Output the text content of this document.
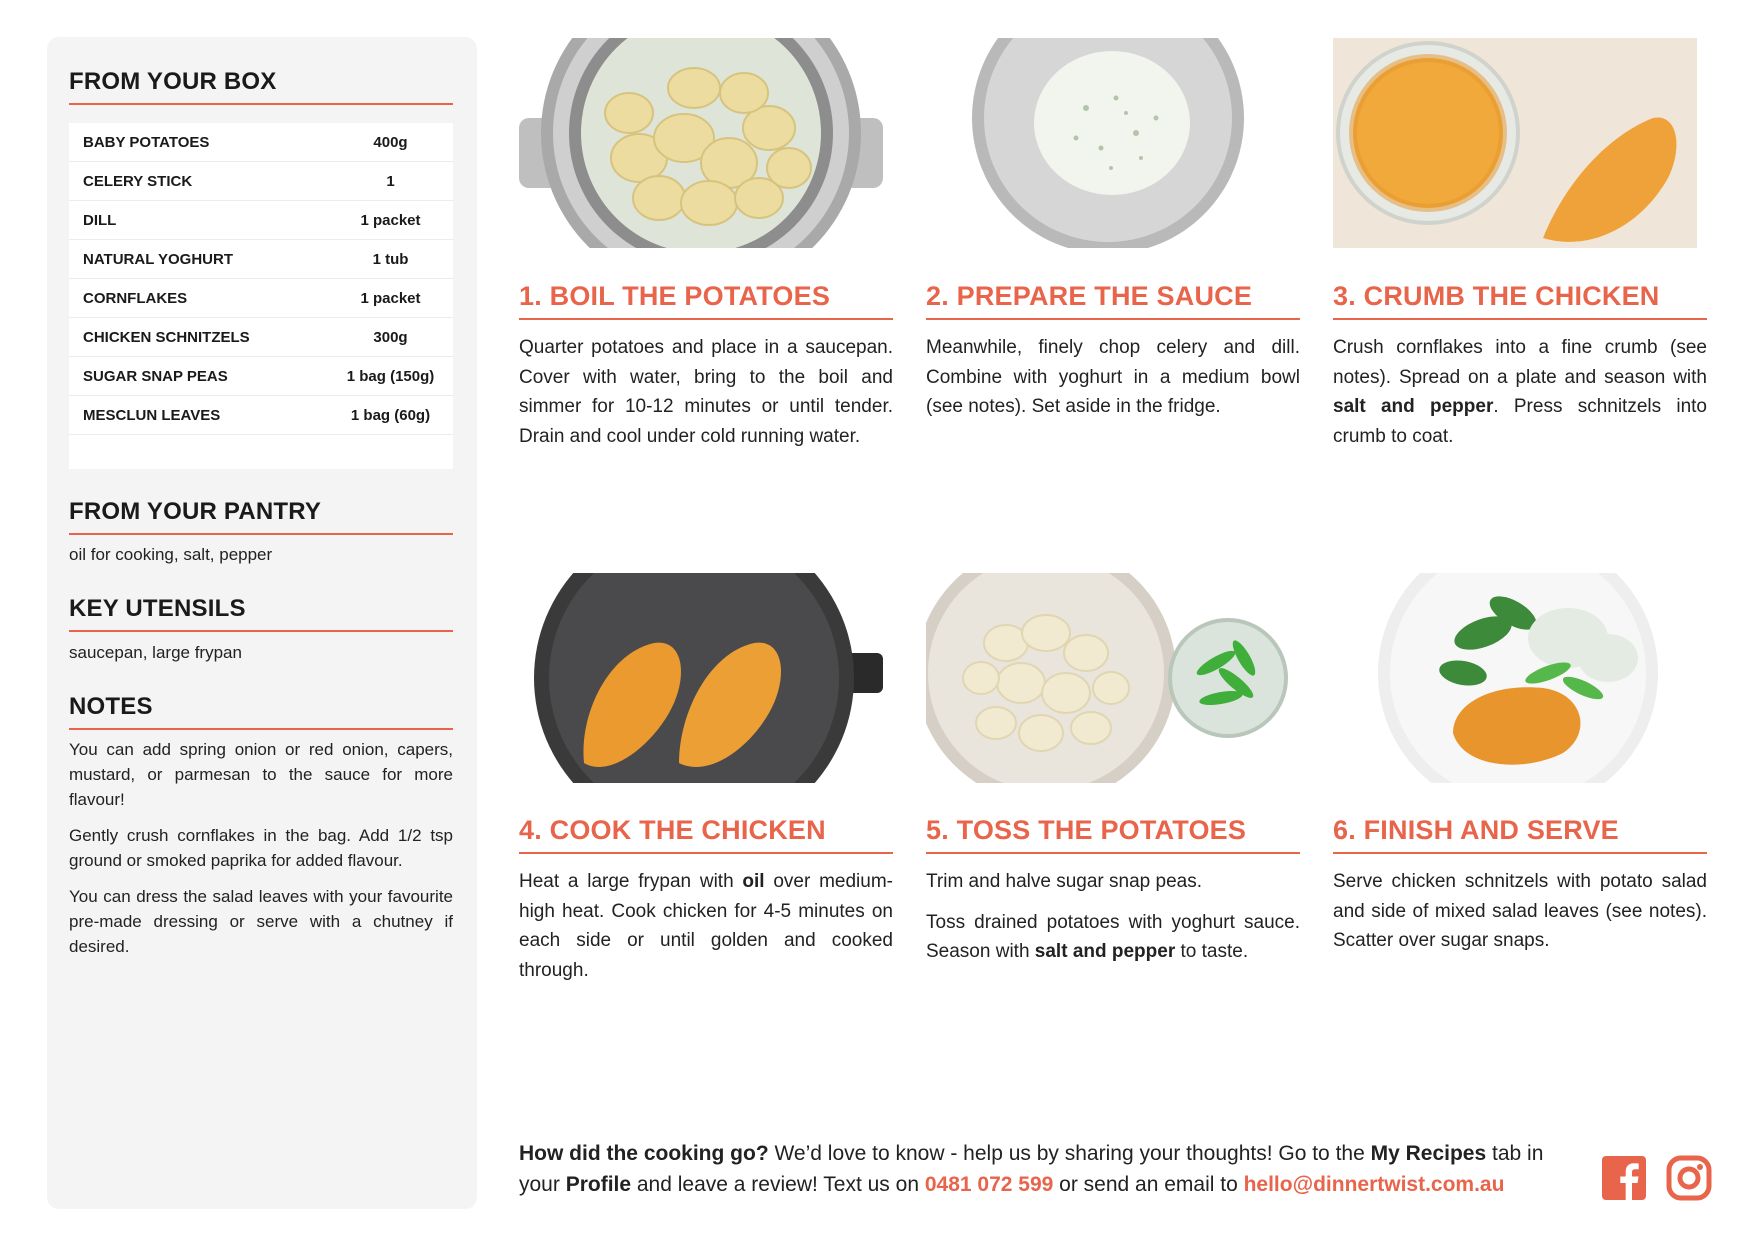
FROM YOUR BOX
BABY POTATOES	400g
CELERY STICK	1
DILL	1 packet
NATURAL YOGHURT	1 tub
CORNFLAKES	1 packet
CHICKEN SCHNITZELS	300g
SUGAR SNAP PEAS	1 bag (150g)
MESCLUN LEAVES	1 bag (60g)
FROM YOUR PANTRY
oil for cooking, salt, pepper
KEY UTENSILS
saucepan, large frypan
NOTES

You can add spring onion or red onion, capers, mustard, or parmesan to the sauce for more flavour!

Gently crush cornflakes in the bag. Add 1/2 tsp ground or smoked paprika for added flavour.

You can dress the salad leaves with your favourite pre-made dressing or serve with a chutney if desired.

1. BOIL THE POTATOES	2. PREPARE THE SAUCE	3. CRUMB THE CHICKEN
4. COOK THE CHICKEN	5. TOSS THE POTATOES	6. FINISH AND SERVE

Quarter potatoes and place in a saucepan. Cover with water, bring to the boil and simmer for 10-12 minutes or until tender. Drain and cool under cold running water.

Meanwhile, finely chop celery and dill. Combine with yoghurt in a medium bowl (see notes). Set aside in the fridge.

Crush cornflakes into a fine crumb (see notes). Spread on a plate and season with salt and pepper. Press schnitzels into crumb to coat.

Heat a large frypan with oil over medium-high heat. Cook chicken for 4-5 minutes on each side or until golden and cooked through.

Trim and halve sugar snap peas.

Toss drained potatoes with yoghurt sauce. Season with salt and pepper to taste.

Serve chicken schnitzels with potato salad and side of mixed salad leaves (see notes). Scatter over sugar snaps.

How did the cooking go? We’d love to know - help us by sharing your thoughts! Go to the My Recipes tab in your Profile and leave a review! Text us on 0481 072 599 or send an email to hello@dinnertwist.com.au
